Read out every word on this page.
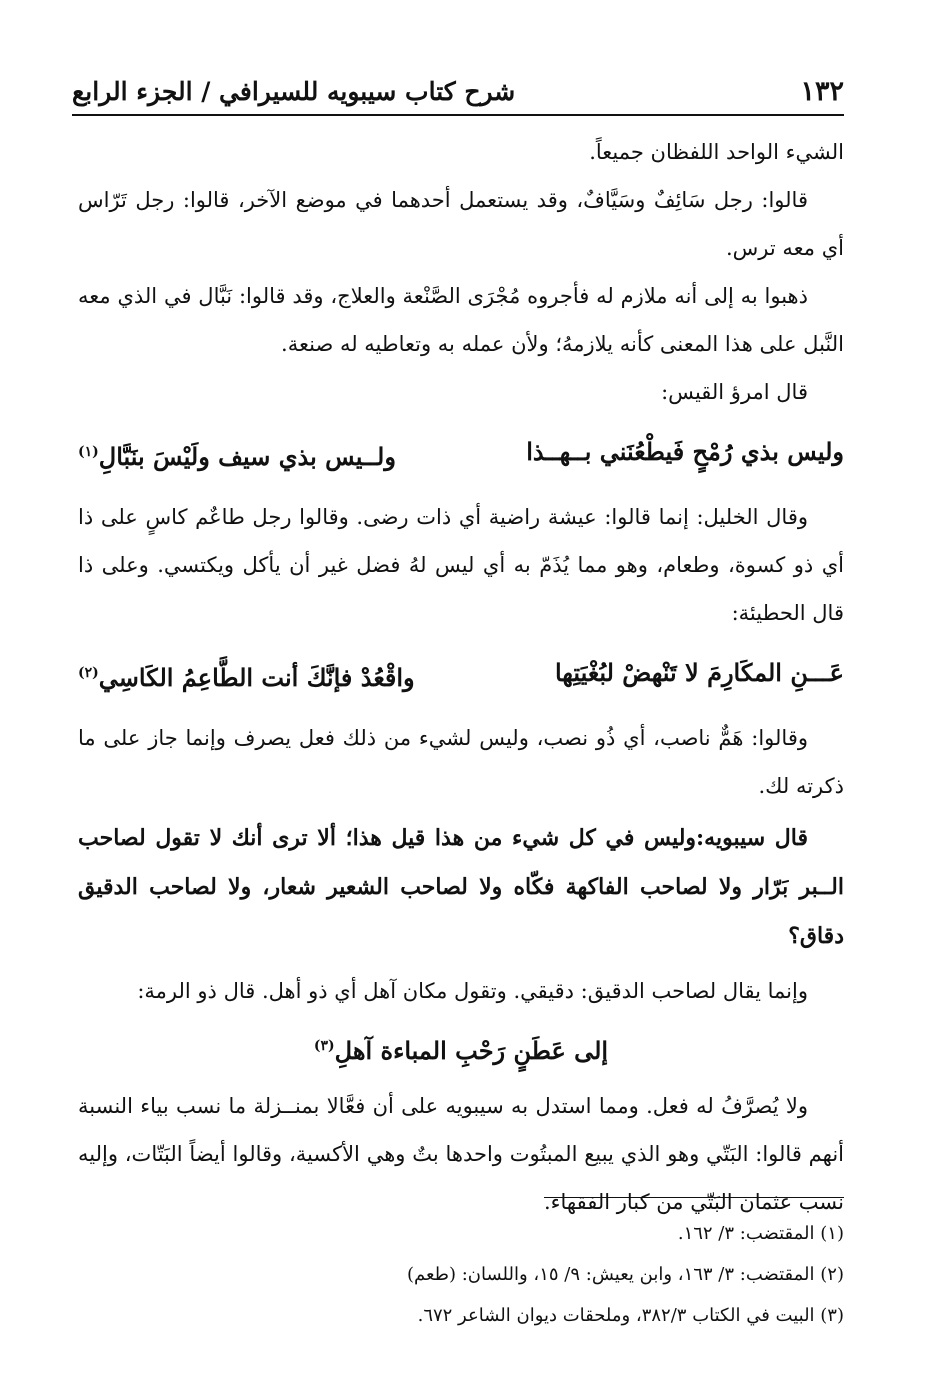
١٣٢
شرح كتاب سيبويه للسيرافي / الجزء الرابع

الشيء الواحد اللفظان جميعاً.

قالوا: رجل سَائِفٌ وسَيَّافٌ، وقد يستعمل أحدهما في موضع الآخر، قالوا: رجل تَرّاس أي معه ترس.

ذهبوا به إلى أنه ملازم له فأجروه مُجْرَى الصَّنْعة والعلاج، وقد قالوا: نَبَّال في الذي معه النَّبل على هذا المعنى كأنه يلازمهُ؛ ولأن عمله به وتعاطيه له صنعة.

قال امرؤ القيس:

وليس بذي رُمْحٍ فَيطْعُنَني بــهــذا
ولــيس بذي سيف ولَيْسَ بنَبَّالِ$^{(١)}$

وقال الخليل: إنما قالوا: عيشة راضية أي ذات رضى. وقالوا رجل طاعٌم كاسٍ على ذا أي ذو كسوة، وطعام، وهو مما يُذَمّ به أي ليس لهُ فضل غير أن يأكل ويكتسي. وعلى ذا قال الحطيئة:

عَـــنِ المكَارِمَ لا تَنْهضْ لبُغْيَتِها
واقْعُدْ فإنَّكَ أنت الطَّاعِمُ الكَاسِي$^{(٢)}$

وقالوا: هَمٌّ ناصب، أي ذُو نصب، وليس لشيء من ذلك فعل يصرف وإنما جاز على ما ذكرته لك.

قال سيبويه:وليس في كل شيء من هذا قيل هذا؛ ألا ترى أنك لا تقول لصاحب الــبر بَرّار ولا لصاحب الفاكهة فكّاه ولا لصاحب الشعير شعار، ولا لصاحب الدقيق دقاق؟

وإنما يقال لصاحب الدقيق: دقيقي. وتقول مكان آهل أي ذو أهل. قال ذو الرمة:

إلى عَطَنٍ رَحْبِ المباءة آهلِ$^{(٣)}$

ولا يُصرَّفُ له فعل. ومما استدل به سيبويه على أن فعَّالا بمنــزلة ما نسب بياء النسبة أنهم قالوا: البَتّي وهو الذي يبيع المبتُوت واحدها بتٌ وهي الأكسية، وقالوا أيضاً البَتّات، وإليه نسب عثمان البَتّي من كبار الفقهاء.

(١) المقتضب: ٣/ ١٦٢.
(٢) المقتضب: ٣/ ١٦٣، وابن يعيش: ٩/ ١٥، واللسان: (طعم)
(٣) البيت في الكتاب ٣٨٢/٣، وملحقات ديوان الشاعر ٦٧٢.
